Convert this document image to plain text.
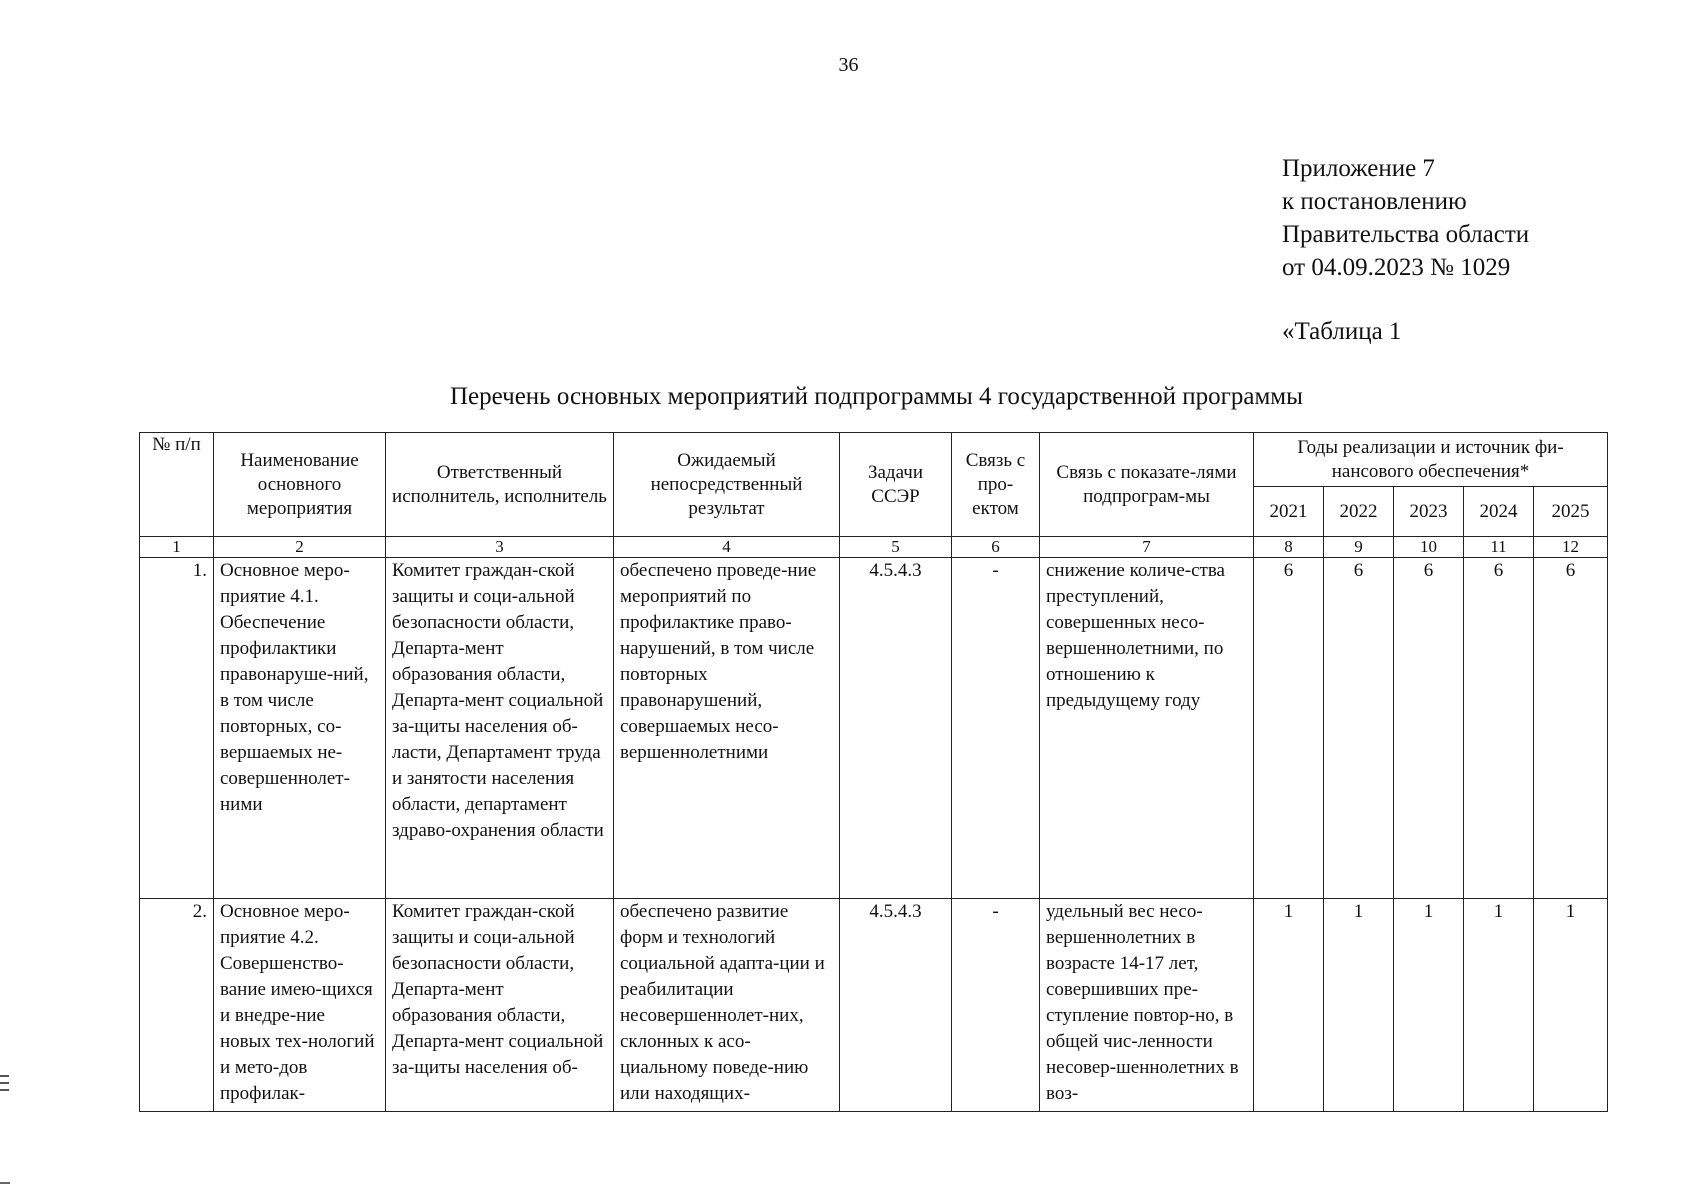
36
Приложение 7
к постановлению
Правительства области
от 04.09.2023 № 1029
«Таблица 1
Перечень основных мероприятий подпрограммы 4 государственной программы
№ п/п	Наименование основного мероприятия	Ответственный исполнитель, исполнитель	Ожидаемый непосредственный результат	Задачи ССЭР	Связь с про-ектом	Связь с показате-лями подпрограм-мы	Годы реализации и источник фи-нансового обеспечения*				
							2021	2022	2023	2024	2025
1	2	3	4	5	6	7	8	9	10	11	12
1.	Основное меро-приятие 4.1. Обеспечение профилактики правонаруше-ний, в том числе повторных, со-вершаемых не-совершеннолет-ними	Комитет граждан-ской защиты и соци-альной безопасности области, Департа-мент образования области, Департа-мент социальной за-щиты населения об-ласти, Департамент труда и занятости населения области, департамент здраво-охранения области	обеспечено проведе-ние мероприятий по профилактике право-нарушений, в том числе повторных правонарушений, совершаемых несо-вершеннолетними	4.5.4.3	-	снижение количе-ства преступлений, совершенных несо-вершеннолетними, по отношению к предыдущему году	6	6	6	6	6
2.	Основное меро-приятие 4.2. Совершенство-вание имею-щихся и внедре-ние новых тех-нологий и мето-дов профилак-	Комитет граждан-ской защиты и соци-альной безопасности области, Департа-мент образования области, Департа-мент социальной за-щиты населения об-	обеспечено развитие форм и технологий социальной адапта-ции и реабилитации несовершеннолет-них, склонных к асо-циальному поведе-нию или находящих-	4.5.4.3	-	удельный вес несо-вершеннолетних в возрасте 14-17 лет, совершивших пре-ступление повтор-но, в общей чис-ленности несовер-шеннолетних в воз-	1	1	1	1	1
